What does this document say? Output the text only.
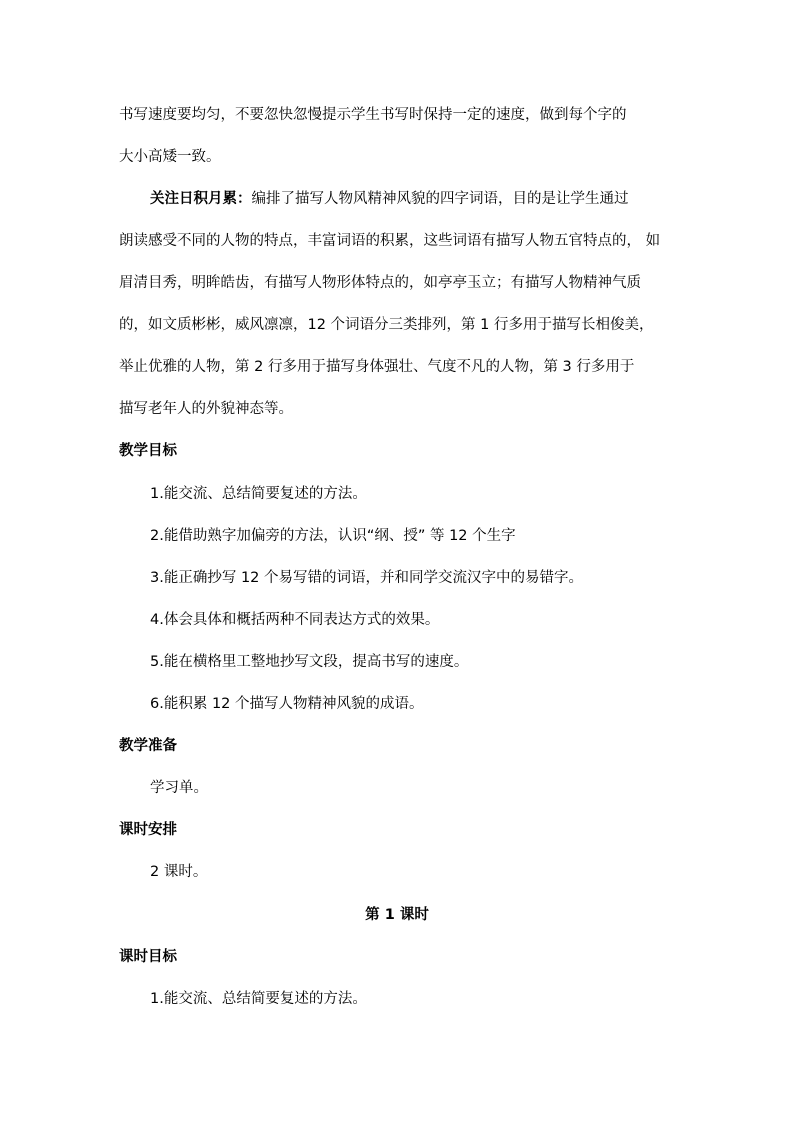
书写速度要均匀，不要忽快忽慢提示学生书写时保持一定的速度，做到每个字的
大小高矮一致。
关注日积月累：编排了描写人物风精神风貌的四字词语，目的是让学生通过
朗读感受不同的人物的特点，丰富词语的积累，这些词语有描写人物五官特点的， 如
眉清目秀，明眸皓齿，有描写人物形体特点的，如亭亭玉立；有描写人物精神气质
的，如文质彬彬，威风凛凛，12 个词语分三类排列，第 1 行多用于描写长相俊美，
举止优雅的人物，第 2 行多用于描写身体强壮、气度不凡的人物，第 3 行多用于
描写老年人的外貌神态等。
教学目标
1.能交流、总结简要复述的方法。
2.能借助熟字加偏旁的方法，认识“纲、授” 等 12 个生字
3.能正确抄写 12 个易写错的词语，并和同学交流汉字中的易错字。
4.体会具体和概括两种不同表达方式的效果。
5.能在横格里工整地抄写文段，提高书写的速度。
6.能积累 12 个描写人物精神风貌的成语。
教学准备
学习单。
课时安排
2 课时。
第 1 课时
课时目标
1.能交流、总结简要复述的方法。
